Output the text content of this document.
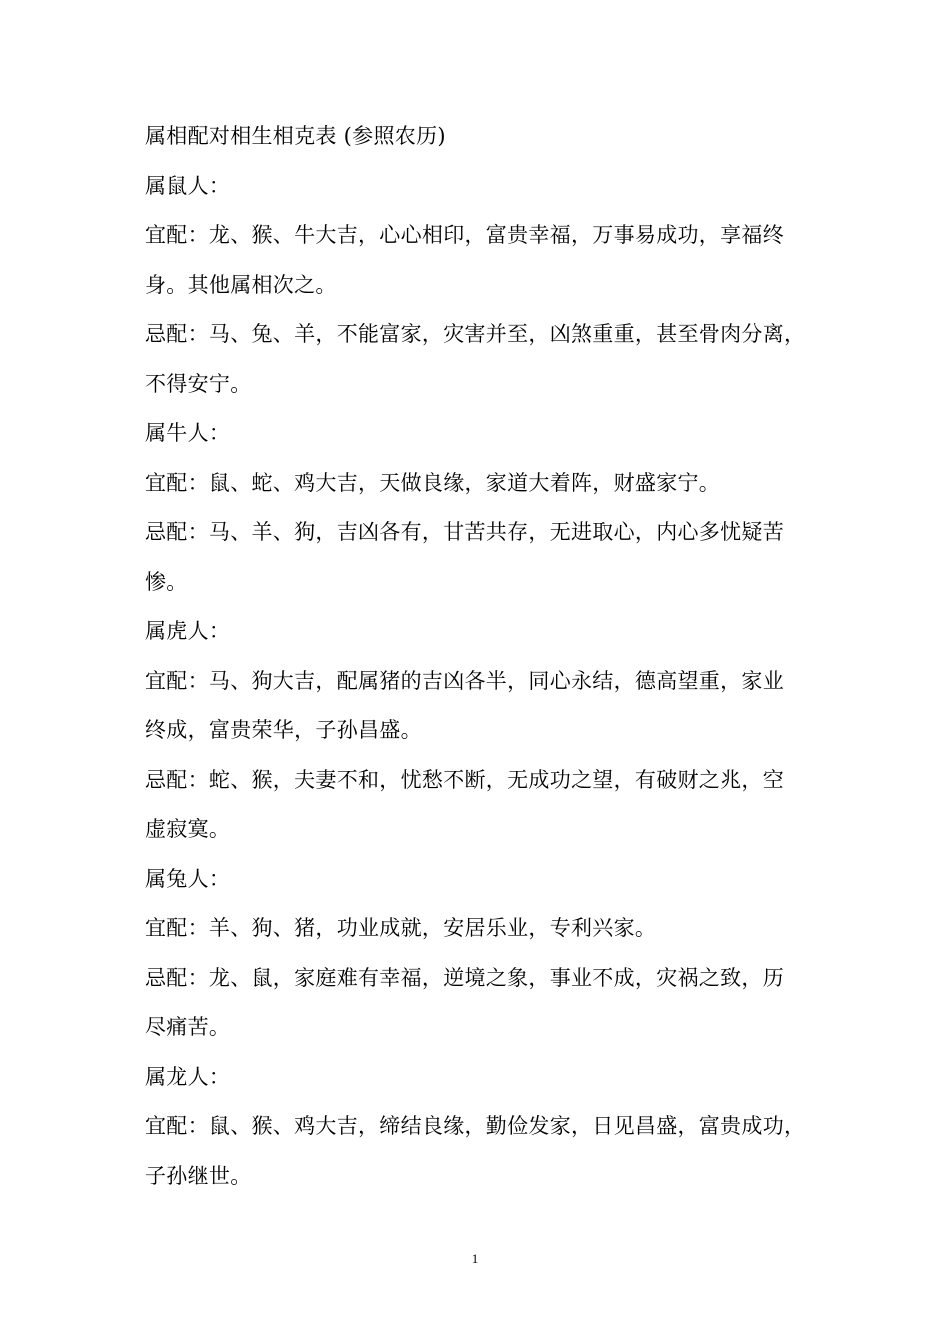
属相配对相生相克表 (参照农历)
属鼠人：
宜配：龙、猴、牛大吉，心心相印，富贵幸福，万事易成功，享福终
身。其他属相次之。
忌配：马、兔、羊，不能富家，灾害并至，凶煞重重，甚至骨肉分离，
不得安宁。
属牛人：
宜配：鼠、蛇、鸡大吉，天做良缘，家道大着阵，财盛家宁。
忌配：马、羊、狗，吉凶各有，甘苦共存，无进取心，内心多忧疑苦
惨。
属虎人：
宜配：马、狗大吉，配属猪的吉凶各半，同心永结，德高望重，家业
终成，富贵荣华，子孙昌盛。
忌配：蛇、猴，夫妻不和，忧愁不断，无成功之望，有破财之兆，空
虚寂寞。
属兔人：
宜配：羊、狗、猪，功业成就，安居乐业，专利兴家。
忌配：龙、鼠，家庭难有幸福，逆境之象，事业不成，灾祸之致，历
尽痛苦。
属龙人：
宜配：鼠、猴、鸡大吉，缔结良缘，勤俭发家，日见昌盛，富贵成功，
子孙继世。
1
